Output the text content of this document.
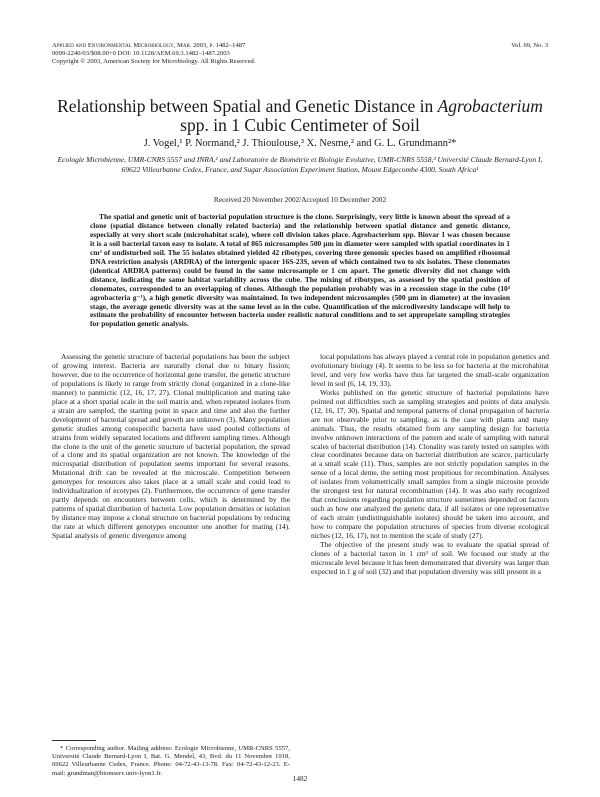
Applied and Environmental Microbiology, Mar. 2003, p. 1482–1487
0099-2240/03/$08.00+0 DOI: 10.1128/AEM.69.3.1482–1487.2003
Copyright © 2003, American Society for Microbiology. All Rights Reserved.
Vol. 69, No. 3
Relationship between Spatial and Genetic Distance in Agrobacterium
spp. in 1 Cubic Centimeter of Soil
J. Vogel,¹ P. Normand,² J. Thioulouse,³ X. Nesme,² and G. L. Grundmann²*
Ecologie Microbienne, UMR-CNRS 5557 and INRA,² and Laboratoire de Biométrie et Biologie Evolutive, UMR-CNRS 5558,³ Université Claude Bernard-Lyon I, 69622 Villeurbanne Cedex, France, and Sugar Association Experiment Station, Mount Edgecombe 4300, South Africa¹
Received 20 November 2002/Accepted 10 December 2002
The spatial and genetic unit of bacterial population structure is the clone. Surprisingly, very little is known about the spread of a clone (spatial distance between clonally related bacteria) and the relationship between spatial distance and genetic distance, especially at very short scale (microhabitat scale), where cell division takes place. Agrobacterium spp. Biovar 1 was chosen because it is a soil bacterial taxon easy to isolate. A total of 865 microsamples 500 µm in diameter were sampled with spatial coordinates in 1 cm³ of undisturbed soil. The 55 isolates obtained yielded 42 ribotypes, covering three genomic species based on amplified ribosomal DNA restriction analysis (ARDRA) of the intergenic spacer 16S-23S, seven of which contained two to six isolates. These clonemates (identical ARDRA patterns) could be found in the same microsample or 1 cm apart. The genetic diversity did not change with distance, indicating the same habitat variability across the cube. The mixing of ribotypes, as assessed by the spatial position of clonemates, corresponded to an overlapping of clones. Although the population probably was in a recession stage in the cube (10³ agrobacteria g⁻¹), a high genetic diversity was maintained. In two independent microsamples (500 µm in diameter) at the invasion stage, the average genetic diversity was at the same level as in the cube. Quantification of the microdiversity landscape will help to estimate the probability of encounter between bacteria under realistic natural conditions and to set appropriate sampling strategies for population genetic analysis.

Assessing the genetic structure of bacterial populations has been the subject of growing interest. Bacteria are naturally clonal due to binary fission; however, due to the occurrence of horizontal gene transfer, the genetic structure of populations is likely to range from strictly clonal (organized in a clone-like manner) to panmictic (12, 16, 17, 27). Clonal multiplication and mating take place at a short spatial scale in the soil matrix and, when repeated isolates from a strain are sampled, the starting point in space and time and also the further development of bacterial spread and growth are unknown (3). Many population genetic studies among conspecific bacteria have used pooled collections of strains from widely separated locations and different sampling times. Although the clone is the unit of the genetic structure of bacterial population, the spread of a clone and its spatial organization are not known. The knowledge of the microspatial distribution of population seems important for several reasons. Mutational drift can be revealed at the microscale. Competition between genotypes for resources also takes place at a small scale and could lead to individualization of ecotypes (2). Furthermore, the occurrence of gene transfer partly depends on encounters between cells, which is determined by the patterns of spatial distribution of bacteria. Low population densities or isolation by distance may impose a clonal structure on bacterial populations by reducing the rate at which different genotypes encounter one another for mating (14). Spatial analysis of genetic divergence among

local populations has always played a central role in population genetics and evolutionary biology (4). It seems to be less so for bacteria at the microhabitat level, and very few works have thus far targeted the small-scale organization level in soil (6, 14, 19, 33).

Works published on the genetic structure of bacterial populations have pointed out difficulties such as sampling strategies and points of data analysis (12, 16, 17, 30). Spatial and temporal patterns of clonal propagation of bacteria are not observable prior to sampling, as is the case with plants and many animals. Thus, the results obtained from any sampling design for bacteria involve unknown interactions of the pattern and scale of sampling with natural scales of bacterial distribution (14). Clonality was rarely tested on samples with clear coordinates because data on bacterial distribution are scarce, particularly at a small scale (11). Thus, samples are not strictly population samples in the sense of a local deme, the setting most propitious for recombination. Analyses of isolates from volumetrically small samples from a single microsite provide the strongest test for natural recombination (14). It was also early recognized that conclusions regarding population structure sometimes depended on factors such as how one analyzed the genetic data, if all isolates or one representative of each strain (undistinguishable isolates) should be taken into account, and how to compare the population structures of species from diverse ecological niches (12, 16, 17), not to mention the scale of study (27).

The objective of the present study was to evaluate the spatial spread of clones of a bacterial taxon in 1 cm³ of soil. We focused our study at the microscale level because it has been demonstrated that diversity was larger than expected in 1 g of soil (32) and that population diversity was still present in a

* Corresponding author. Mailing address: Ecologie Microbienne, UMR-CNRS 5557, Université Claude Bernard-Lyon I, Bat. G. Mendel, 43, Bvd. du 11 Novembre 1918, 69622 Villeurbanne Cedex, France. Phone: 04-72-43-13-78. Fax: 04-72-43-12-23. E-mail: grundman@biomserv.univ-lyon1.fr.
1482
